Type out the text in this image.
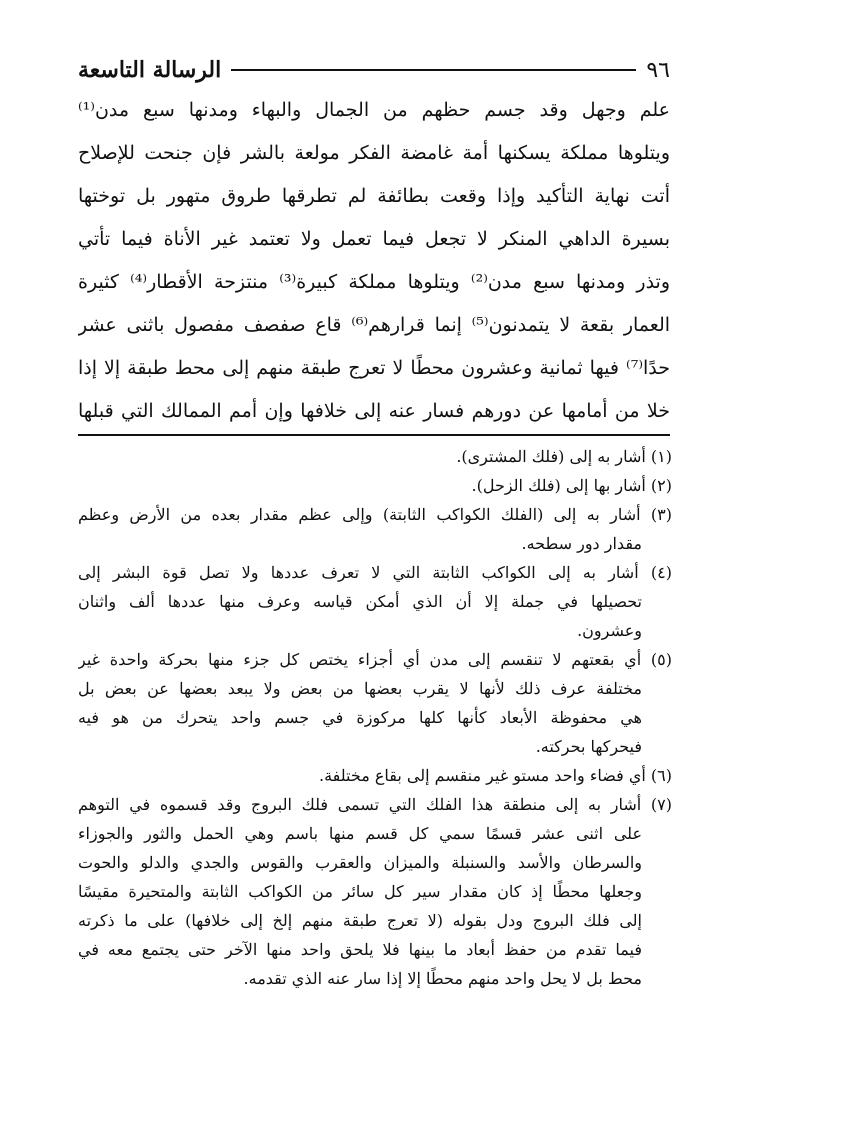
الرسالة التاسعة	٩٦
علم وجهل وقد جسم حظهم من الجمال والبهاء ومدنها سبع مدن⁽¹⁾
ويتلوها مملكة يسكنها أمة غامضة الفكر مولعة بالشر فإن جنحت للإصلاح
أتت نهاية التأكيد وإذا وقعت بطائفة لم تطرقها طروق متهور بل توختها
بسيرة الداهي المنكر لا تجعل فيما تعمل ولا تعتمد غير الأناة فيما تأتي
وتذر ومدنها سبع مدن⁽²⁾ ويتلوها مملكة كبيرة⁽³⁾ منتزحة الأقطار⁽⁴⁾ كثيرة
العمار بقعة لا يتمدنون⁽⁵⁾ إنما قرارهم⁽⁶⁾ قاع صفصف مفصول باثنى عشر
حدًا⁽⁷⁾ فيها ثمانية وعشرون محطًا لا تعرج طبقة منهم إلى محط طبقة إلا إذا
خلا من أمامها عن دورهم فسار عنه إلى خلافها وإن أمم الممالك التي قبلها
(١) أشار به إلى (فلك المشترى).
(٢) أشار بها إلى (فلك الزحل).
(٣) أشار به إلى (الفلك الكواكب الثابتة) وإلى عظم مقدار بعده من الأرض وعظم
مقدار دور سطحه.
(٤) أشار به إلى الكواكب الثابتة التي لا تعرف عددها ولا تصل قوة البشر إلى
تحصيلها في جملة إلا أن الذي أمكن قياسه وعرف منها عددها ألف واثنان
وعشرون.
(٥) أي بقعتهم لا تنقسم إلى مدن أي أجزاء يختص كل جزء منها بحركة واحدة غير
مختلفة عرف ذلك لأنها لا يقرب بعضها من بعض ولا يبعد بعضها عن بعض بل
هي محفوظة الأبعاد كأنها كلها مركوزة في جسم واحد يتحرك من هو فيه
فيحركها بحركته.
(٦) أي فضاء واحد مستو غير منقسم إلى بقاع مختلفة.
(٧) أشار به إلى منطقة هذا الفلك التي تسمى فلك البروج وقد قسموه في التوهم
على اثنى عشر قسمًا سمي كل قسم منها باسم وهي الحمل والثور والجوزاء
والسرطان والأسد والسنبلة والميزان والعقرب والقوس والجدي والدلو والحوت
وجعلها محطًا إذ كان مقدار سير كل سائر من الكواكب الثابتة والمتحيرة مقيسًا
إلى فلك البروج ودل بقوله (لا تعرج طبقة منهم إلخ إلى خلافها) على ما ذكرته
فيما تقدم من حفظ أبعاد ما بينها فلا يلحق واحد منها الآخر حتى يجتمع معه في
محط بل لا يحل واحد منهم محطًا إلا إذا سار عنه الذي تقدمه.
